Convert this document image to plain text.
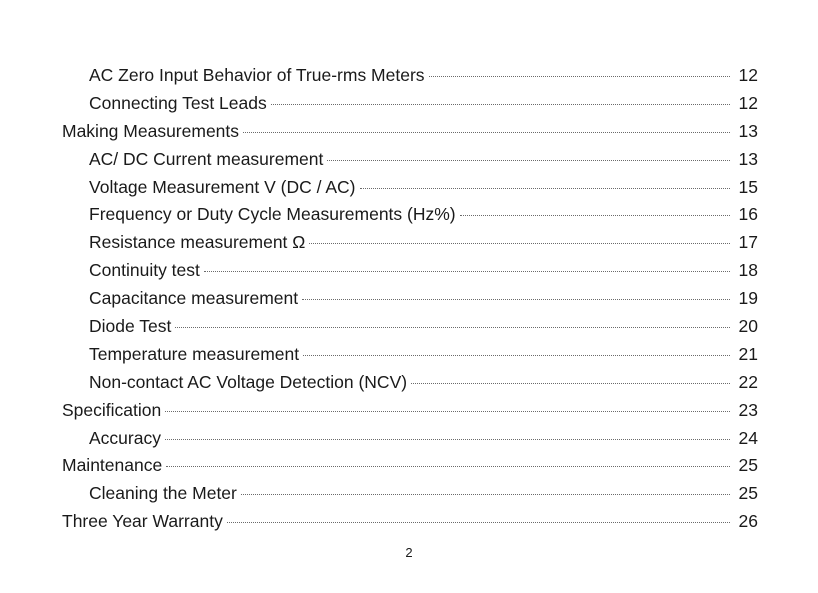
AC Zero Input Behavior of True-rms Meters	12
Connecting Test Leads	12
Making Measurements	13
AC/ DC Current measurement	13
Voltage Measurement V (DC / AC)	15
Frequency or Duty Cycle Measurements (Hz%)	16
Resistance measurement Ω	17
Continuity test	18
Capacitance measurement	19
Diode Test	20
Temperature measurement	21
Non-contact AC Voltage Detection (NCV)	22
Specification	23
Accuracy	24
Maintenance	25
Cleaning the Meter	25
Three Year Warranty	26
2
